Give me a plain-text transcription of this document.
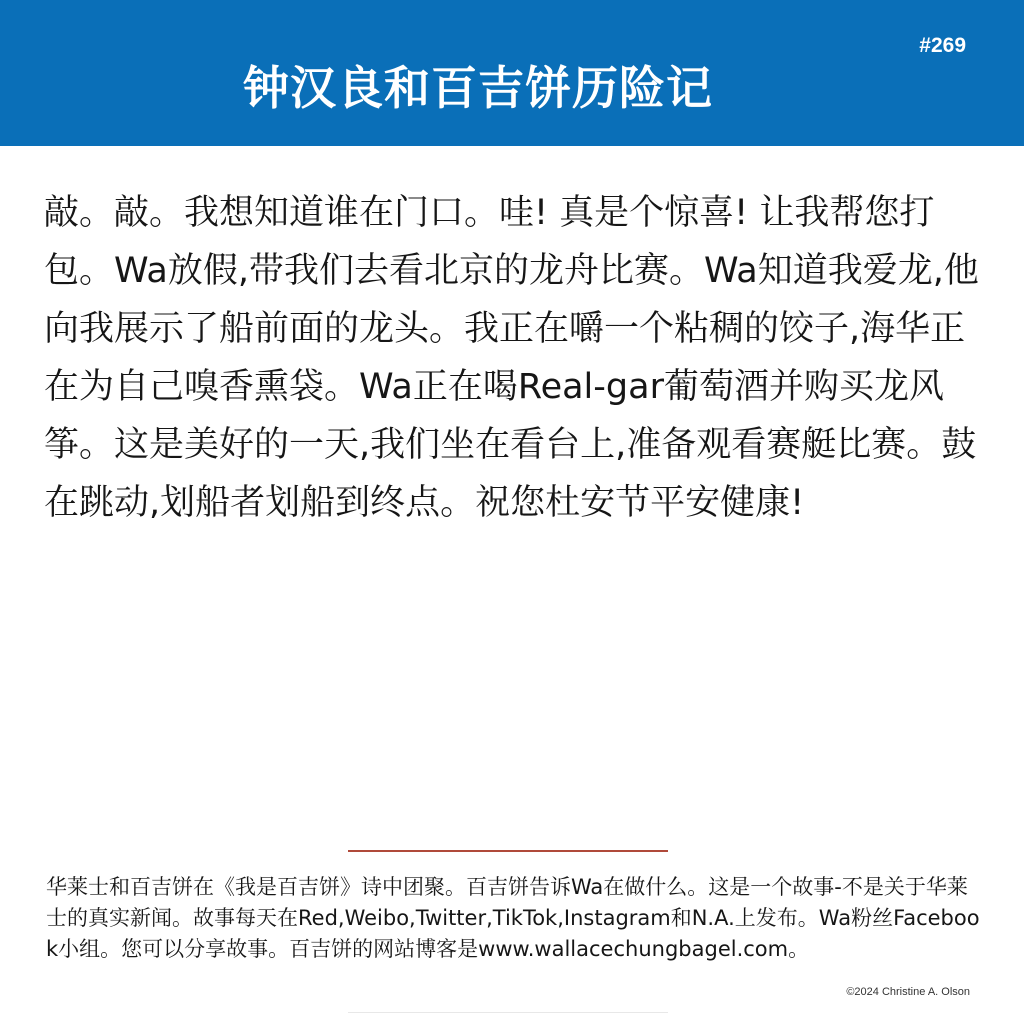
钟汉良和百吉饼历险记
#269
敲。敲。我想知道谁在门口。哇! 真是个惊喜! 让我帮您打包。Wa放假,带我们去看北京的龙舟比赛。Wa知道我爱龙,他向我展示了船前面的龙头。我正在嚼一个粘稠的饺子,海华正在为自己嗅香熏袋。Wa正在喝Real-gar葡萄酒并购买龙风筝。这是美好的一天,我们坐在看台上,准备观看赛艇比赛。鼓在跳动,划船者划船到终点。祝您杜安节平安健康!
华莱士和百吉饼在《我是百吉饼》诗中团聚。百吉饼告诉Wa在做什么。这是一个故事-不是关于华莱士的真实新闻。故事每天在Red,Weibo,Twitter,TikTok,Instagram和N.A.上发布。Wa粉丝Facebook小组。您可以分享故事。百吉饼的网站博客是www.wallacechungbagel.com。
©2024 Christine A. Olson
